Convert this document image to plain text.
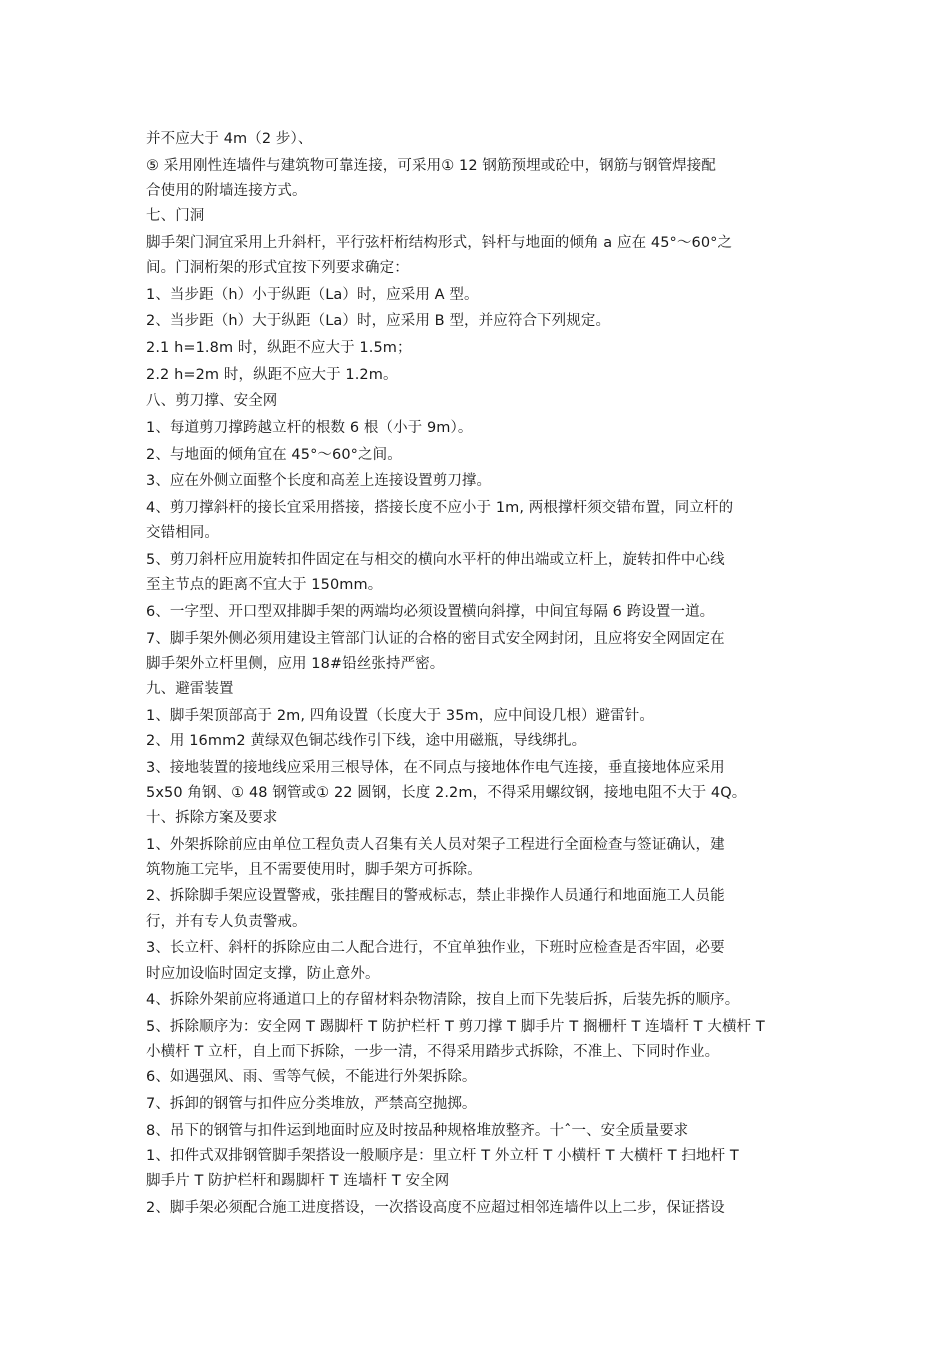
并不应大于 4m（2 步）、
⑤ 采用刚性连墙件与建筑物可靠连接，可采用① 12 钢筋预埋或砼中，钢筋与钢管焊接配
合使用的附墙连接方式。
七、门洞
脚手架门洞宜采用上升斜杆，平行弦杆桁结构形式，钭杆与地面的倾角 a 应在 45°～60°之
间。门洞桁架的形式宜按下列要求确定：
1、当步距（h）小于纵距（La）时，应采用 A 型。
2、当步距（h）大于纵距（La）时，应采用 B 型，并应符合下列规定。
2.1 h=1.8m 时，纵距不应大于 1.5m；
2.2 h=2m 时，纵距不应大于 1.2m。
八、剪刀撑、安全网
1、每道剪刀撑跨越立杆的根数 6 根（小于 9m）。
2、与地面的倾角宜在 45°～60°之间。
3、应在外侧立面整个长度和高差上连接设置剪刀撑。
4、剪刀撑斜杆的接长宜采用搭接，搭接长度不应小于 1m, 两根撑杆须交错布置，同立杆的
交错相同。
5、剪刀斜杆应用旋转扣件固定在与相交的横向水平杆的伸出端或立杆上，旋转扣件中心线
至主节点的距离不宜大于 150mm。
6、一字型、开口型双排脚手架的两端均必须设置横向斜撑，中间宜每隔 6 跨设置一道。
7、脚手架外侧必须用建设主管部门认证的合格的密目式安全网封闭，且应将安全网固定在
脚手架外立杆里侧，应用 18#铅丝张持严密。
九、避雷装置
1、脚手架顶部高于 2m, 四角设置（长度大于 35m，应中间设几根）避雷针。
2、用 16mm2 黄绿双色铜芯线作引下线，途中用磁瓶，导线绑扎。
3、接地装置的接地线应采用三根导体，在不同点与接地体作电气连接，垂直接地体应采用
5x50 角钢、① 48 钢管或① 22 圆钢，长度 2.2m，不得采用螺纹钢，接地电阻不大于 4Q。
十、拆除方案及要求
1、外架拆除前应由单位工程负责人召集有关人员对架子工程进行全面检查与签证确认，建
筑物施工完毕，且不需要使用时，脚手架方可拆除。
2、拆除脚手架应设置警戒，张挂醒目的警戒标志，禁止非操作人员通行和地面施工人员能
行，并有专人负责警戒。
3、长立杆、斜杆的拆除应由二人配合进行，不宜单独作业，下班时应检查是否牢固，必要
时应加设临时固定支撑，防止意外。
4、拆除外架前应将通道口上的存留材料杂物清除，按自上而下先装后拆，后装先拆的顺序。
5、拆除顺序为：安全网 T 踢脚杆 T 防护栏杆 T 剪刀撑 T 脚手片 T 搁栅杆 T 连墙杆 T 大横杆 T
小横杆 T 立杆，自上而下拆除，一步一清，不得采用踏步式拆除，不准上、下同时作业。
6、如遇强风、雨、雪等气候，不能进行外架拆除。
7、拆卸的钢管与扣件应分类堆放，严禁高空抛掷。
8、吊下的钢管与扣件运到地面时应及时按品种规格堆放整齐。十ˆ一、安全质量要求
1、扣件式双排钢管脚手架搭设一般顺序是：里立杆 T 外立杆 T 小横杆 T 大横杆 T 扫地杆 T
脚手片 T 防护栏杆和踢脚杆 T 连墙杆 T 安全网
2、脚手架必须配合施工进度搭设，一次搭设高度不应超过相邻连墙件以上二步，保证搭设
